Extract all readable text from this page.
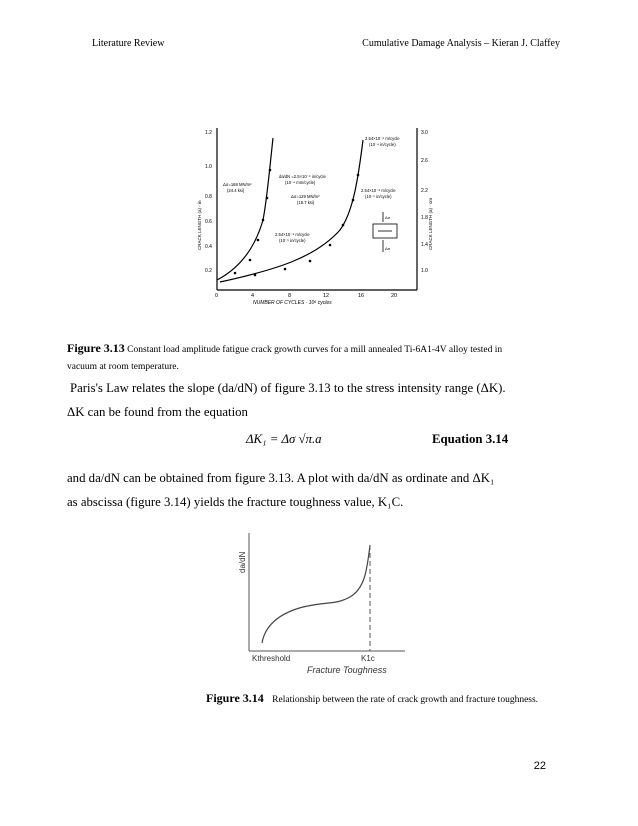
Literature Review	Cumulative Damage Analysis – Kieran J. Claffey
0	4	8	12	16	20
NUMBER OF CYCLES · 10⁶ cycles
0.2
0.4
0.6
0.8
1.0
1.2
CRACK LENGTH (a) · in
1.0
1.4
1.8
2.2
2.6
3.0
CRACK LENGTH (a) · cm
Δσ=168 MN/m²
(24.4 ksi)
da/dN =2.5×10⁻⁶ in/cycle
(10⁻⁴ mm/cycle)
Δσ=129 MN/m²
(18.7 ksi)
2.54×10⁻⁶ m/cycle
(10⁻⁴ in/cycle)
2.54×10⁻⁸ m/cycle
(10⁻⁶ in/cycle)
2.54×10⁻⁸ m/cycle
(10⁻⁶ in/cycle)
Δσ
Δσ
Figure 3.13 Constant load amplitude fatigue crack growth curves for a mill annealed Ti-6A1-4V alloy tested in
vacuum at room temperature.
Paris's Law relates the slope (da/dN) of figure 3.13 to the stress intensity range (ΔK).
ΔK can be found from the equation
ΔK₁ = Δσ √π.a	Equation 3.14
and da/dN can be obtained from figure 3.13. A plot with da/dN as ordinate and ΔK₁
as abscissa (figure 3.14) yields the fracture toughness value, K₁C.
da/dN
Kthreshold	K1c
Fracture Toughness
Figure 3.14 Relationship between the rate of crack growth and fracture toughness.
22
